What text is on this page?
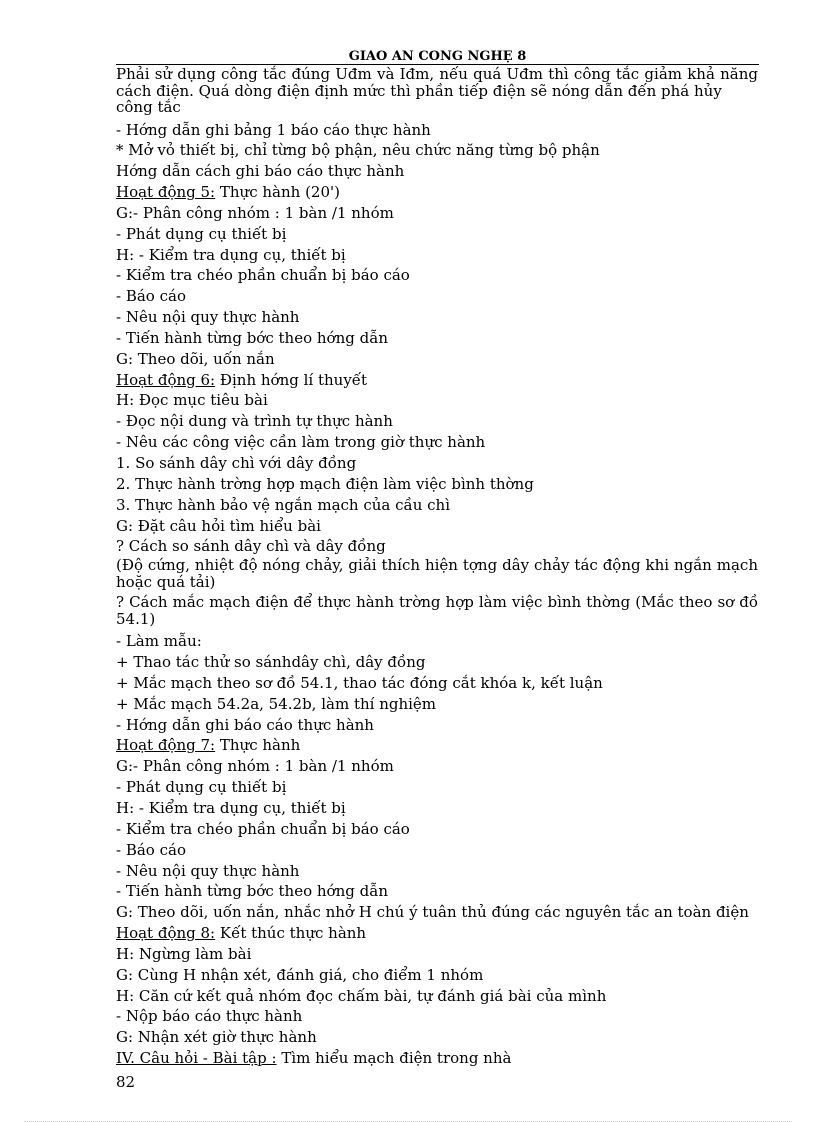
GIÁO ÁN CÔNG NGHỆ 8

Phải sử dụng công tắc đúng Uđm và Iđm, nếu quá Uđm thì công tắc giảm khả năng cách điện. Quá dòng điện định mức thì phần tiếp điện sẽ nóng dẫn đến phá hủy

công tắc

- Hớng dẫn ghi bảng 1 báo cáo thực hành

* Mở vỏ thiết bị, chỉ từng bộ phận, nêu chức năng từng bộ phận

Hớng dẫn cách ghi báo cáo thực hành

Hoạt động 5: Thực hành (20')

G:- Phân công nhóm : 1 bàn /1 nhóm

- Phát dụng cụ thiết bị

H: - Kiểm tra dụng cụ, thiết bị

- Kiểm tra chéo phần chuẩn bị báo cáo

- Báo cáo

- Nêu nội quy thực hành

- Tiến hành từng bớc theo hớng dẫn

G: Theo dõi, uốn nắn

Hoạt động 6: Định hớng lí thuyết

H: Đọc mục tiêu bài

- Đọc nội dung và trình tự thực hành

- Nêu các công việc cần làm trong giờ thực hành

1. So sánh dây chì với dây đồng

2. Thực hành trờng hợp mạch điện làm việc bình thờng

3. Thực hành bảo vệ ngắn mạch của cầu chì

G: Đặt câu hỏi tìm hiểu bài

? Cách so sánh dây chì và dây đồng

(Độ cứng, nhiệt độ nóng chảy, giải thích hiện tợng dây chảy tác động khi ngắn mạch hoặc quá tải)

? Cách mắc mạch điện để thực hành trờng hợp làm việc bình thờng (Mắc theo sơ đồ 54.1)

- Làm mẫu:

+ Thao tác thử so sánhdây chì, dây đồng

+ Mắc mạch theo sơ đồ 54.1, thao tác đóng cắt khóa k, kết luận

+ Mắc mạch 54.2a, 54.2b, làm thí nghiệm

- Hớng dẫn ghi báo cáo thực hành

Hoạt động 7: Thực hành

G:- Phân công nhóm : 1 bàn /1 nhóm

- Phát dụng cụ thiết bị

H: - Kiểm tra dụng cụ, thiết bị

- Kiểm tra chéo phần chuẩn bị báo cáo

- Báo cáo

- Nêu nội quy thực hành

- Tiến hành từng bớc theo hớng dẫn

G: Theo dõi, uốn nắn, nhắc nhở H chú ý tuân thủ đúng các nguyên tắc an toàn điện

Hoạt động 8: Kết thúc thực hành

H: Ngừng làm bài

G: Cùng H nhận xét, đánh giá, cho điểm 1 nhóm

H: Căn cứ kết quả nhóm đọc chấm bài, tự đánh giá bài của mình

- Nộp báo cáo thực hành

G: Nhận xét giờ thực hành

IV. Câu hỏi - Bài tập : Tìm hiểu mạch điện trong nhà

82
